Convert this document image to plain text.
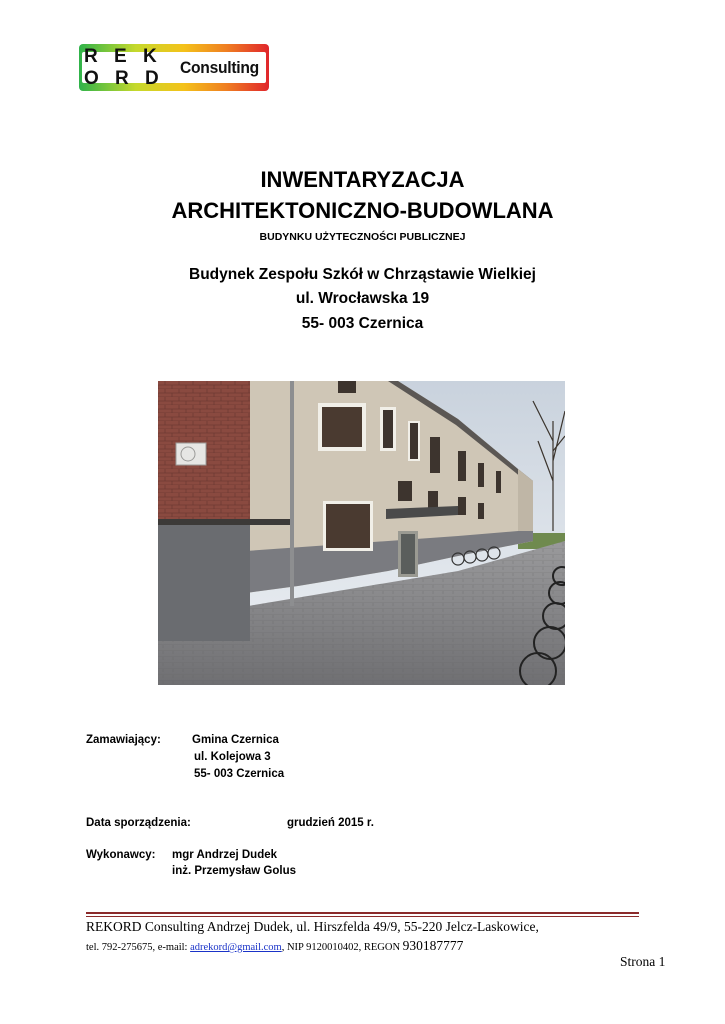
R E K O R D
Consulting
INWENTARYZACJA
ARCHITEKTONICZNO-BUDOWLANA
BUDYNKU UŻYTECZNOŚCI PUBLICZNEJ
Budynek Zespołu Szkół w Chrząstawie Wielkiej
ul. Wrocławska 19
55- 003 Czernica
Zamawiający:	Gmina Czernica
ul. Kolejowa 3
55- 003 Czernica
Data sporządzenia:	grudzień 2015 r.
Wykonawcy: mgr Andrzej Dudek
inż. Przemysław Golus
REKORD Consulting Andrzej Dudek, ul. Hirszfelda 49/9, 55-220 Jelcz-Laskowice,
tel. 792-275675, e-mail: adrekord@gmail.com, NIP 9120010402, REGON 930187777
Strona 1
